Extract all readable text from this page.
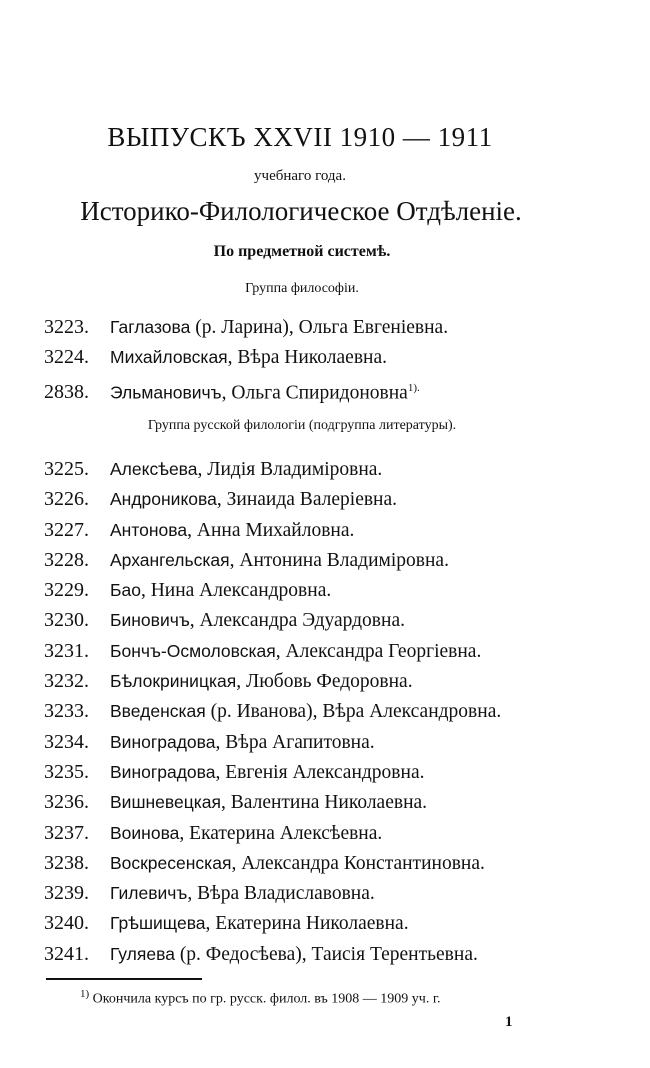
ВЫПУСКЪ XXVII 1910 — 1911
учебнаго года.
Историко-Филологическое Отдѣленіе.
По предметной системѣ.
Группа философіи.
3223. Гаглазова (р. Ларина), Ольга Евгеніевна.
3224. Михайловская, Вѣра Николаевна.
2838. Эльмановичъ, Ольга Спиридоновна$^{1).}$
Группа русской филологіи (подгруппа литературы).
3225. Алексѣева, Лидія Владиміровна.
3226. Андроникова, Зинаида Валеріевна.
3227. Антонова, Анна Михайловна.
3228. Архангельская, Антонина Владиміровна.
3229. Бао, Нина Александровна.
3230. Биновичъ, Александра Эдуардовна.
3231. Бончъ-Осмоловская, Александра Георгіевна.
3232. Бѣлокриницкая, Любовь Федоровна.
3233. Введенская (р. Иванова), Вѣра Александровна.
3234. Виноградова, Вѣра Агапитовна.
3235. Виноградова, Евгенія Александровна.
3236. Вишневецкая, Валентина Николаевна.
3237. Воинова, Екатерина Алексѣевна.
3238. Воскресенская, Александра Константиновна.
3239. Гилевичъ, Вѣра Владиславовна.
3240. Грѣшищева, Екатерина Николаевна.
3241. Гуляева (р. Федосѣева), Таисія Терентьевна.
$^{1)}$ Окончила курсъ по гр. русск. филол. въ 1908 — 1909 уч. г.
1
